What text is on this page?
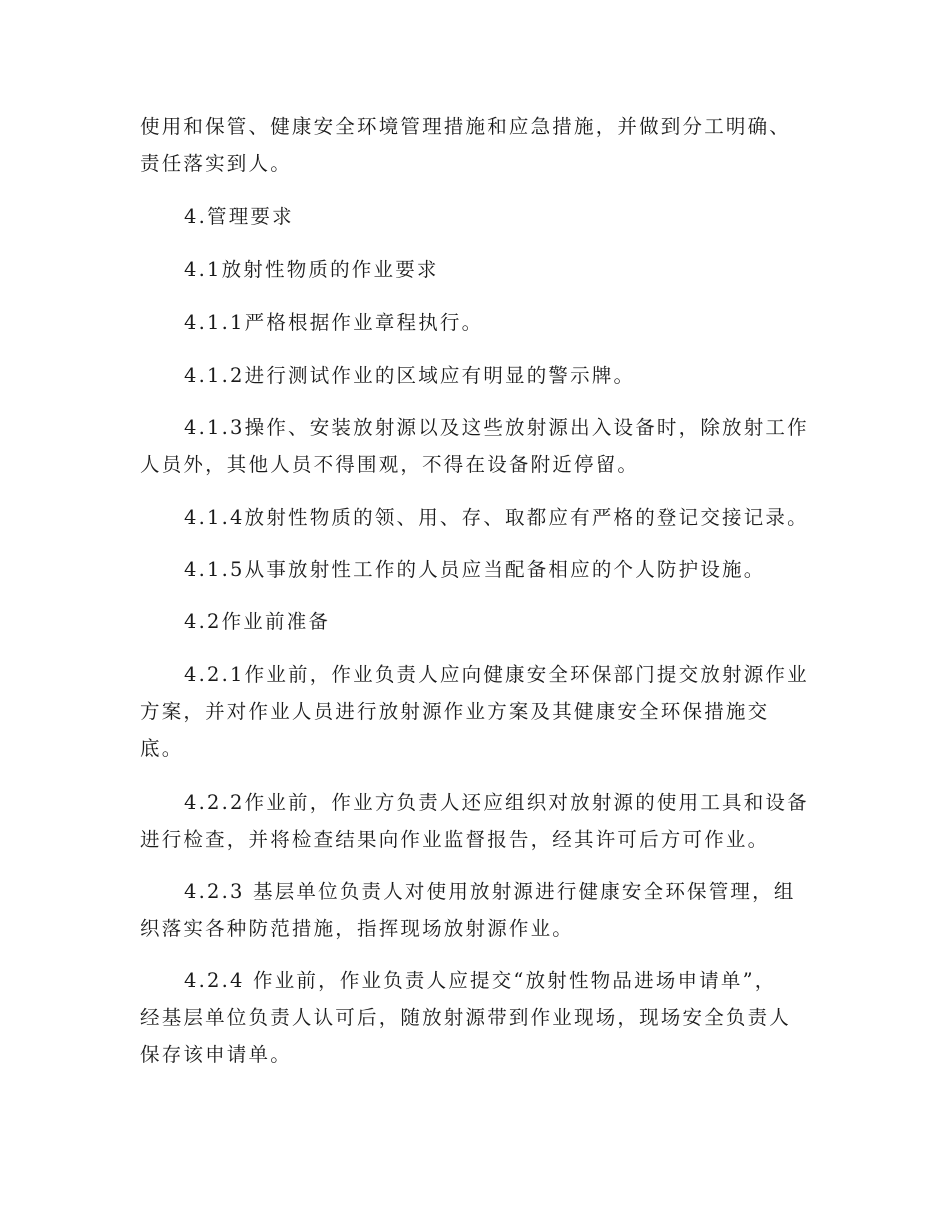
使用和保管、健康安全环境管理措施和应急措施，并做到分工明确、
责任落实到人。

4.管理要求

4.1放射性物质的作业要求

4.1.1严格根据作业章程执行。

4.1.2进行测试作业的区域应有明显的警示牌。

4.1.3操作、安装放射源以及这些放射源出入设备时，除放射工作
人员外，其他人员不得围观，不得在设备附近停留。

4.1.4放射性物质的领、用、存、取都应有严格的登记交接记录。

4.1.5从事放射性工作的人员应当配备相应的个人防护设施。

4.2作业前准备

4.2.1作业前，作业负责人应向健康安全环保部门提交放射源作业
方案，并对作业人员进行放射源作业方案及其健康安全环保措施交
底。

4.2.2作业前，作业方负责人还应组织对放射源的使用工具和设备
进行检查，并将检查结果向作业监督报告，经其许可后方可作业。

4.2.3 基层单位负责人对使用放射源进行健康安全环保管理，组
织落实各种防范措施，指挥现场放射源作业。

4.2.4 作业前，作业负责人应提交“放射性物品进场申请单”，
经基层单位负责人认可后，随放射源带到作业现场，现场安全负责人
保存该申请单。
